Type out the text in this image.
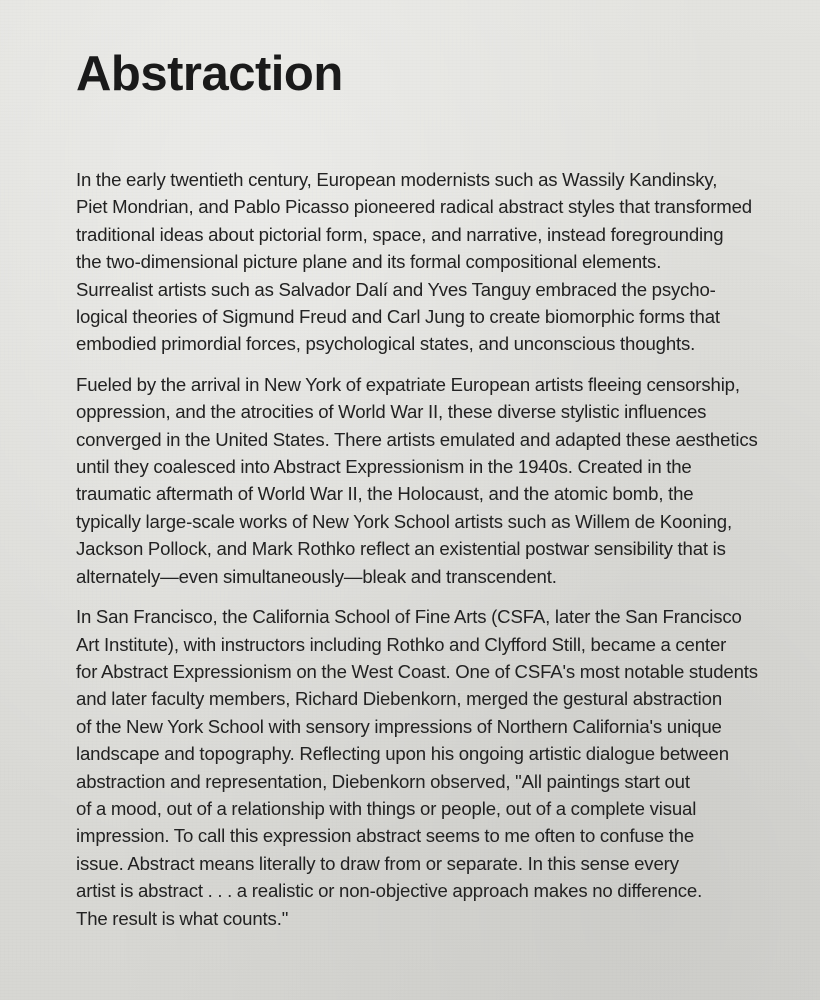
Abstraction

In the early twentieth century, European modernists such as Wassily Kandinsky,
Piet Mondrian, and Pablo Picasso pioneered radical abstract styles that transformed
traditional ideas about pictorial form, space, and narrative, instead foregrounding
the two-dimensional picture plane and its formal compositional elements.
Surrealist artists such as Salvador Dalí and Yves Tanguy embraced the psycho-
logical theories of Sigmund Freud and Carl Jung to create biomorphic forms that
embodied primordial forces, psychological states, and unconscious thoughts.

Fueled by the arrival in New York of expatriate European artists fleeing censorship,
oppression, and the atrocities of World War II, these diverse stylistic influences
converged in the United States. There artists emulated and adapted these aesthetics
until they coalesced into Abstract Expressionism in the 1940s. Created in the
traumatic aftermath of World War II, the Holocaust, and the atomic bomb, the
typically large-scale works of New York School artists such as Willem de Kooning,
Jackson Pollock, and Mark Rothko reflect an existential postwar sensibility that is
alternately—even simultaneously—bleak and transcendent.

In San Francisco, the California School of Fine Arts (CSFA, later the San Francisco
Art Institute), with instructors including Rothko and Clyfford Still, became a center
for Abstract Expressionism on the West Coast. One of CSFA's most notable students
and later faculty members, Richard Diebenkorn, merged the gestural abstraction
of the New York School with sensory impressions of Northern California's unique
landscape and topography. Reflecting upon his ongoing artistic dialogue between
abstraction and representation, Diebenkorn observed, "All paintings start out
of a mood, out of a relationship with things or people, out of a complete visual
impression. To call this expression abstract seems to me often to confuse the
issue. Abstract means literally to draw from or separate. In this sense every
artist is abstract . . . a realistic or non-objective approach makes no difference.
The result is what counts."
